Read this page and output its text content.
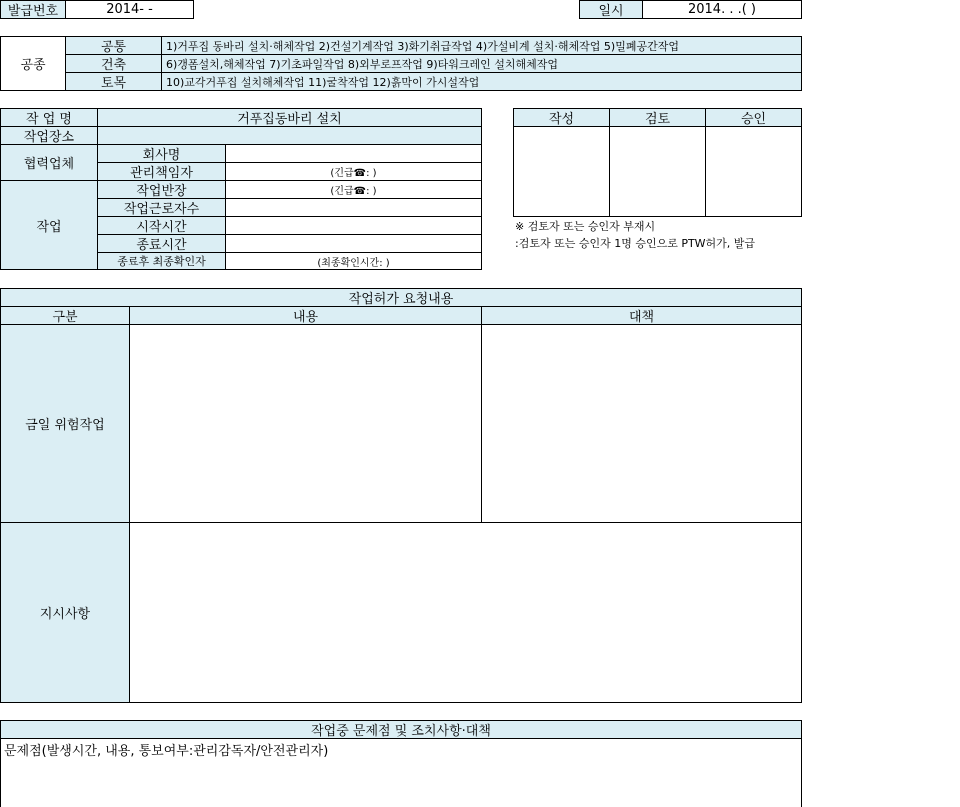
발급번호	2014- -	일시	2014. . .( )
공종
공통	1)거푸집 동바리 설치·해체작업 2)건설기계작업 3)화기취급작업 4)가설비계 설치·해체작업 5)밀폐공간작업
건축	6)갱폼설치,해체작업 7)기초파일작업 8)외부로프작업 9)타워크레인 설치해체작업
토목	10)교각거푸집 설치해체작업 11)굴착작업 12)흙막이 가시설작업
작 업 명	거푸집동바리 설치
작업장소
협력업체
회사명
관리책임자	(긴급☎: )
작업
작업반장	(긴급☎: )
작업근로자수
시작시간
종료시간
종료후 최종확인자	(최종확인시간: )
작성	검토	승인
※ 검토자 또는 승인자 부재시
:검토자 또는 승인자 1명 승인으로 PTW허가, 발급
작업허가 요청내용
구분	내용	대책
금일 위험작업
지시사항
작업중 문제점 및 조치사항·대책
문제점(발생시간, 내용, 통보여부:관리감독자/안전관리자)
